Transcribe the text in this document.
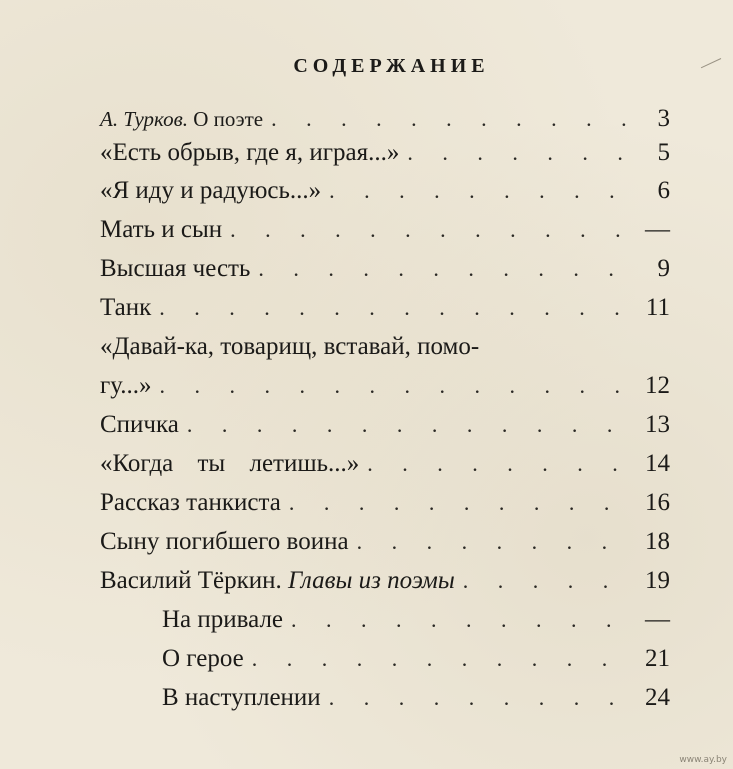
СОДЕРЖАНИЕ
А. Турков. О поэте . . .	3
«Есть обрыв, где я, играя...» . . .	5
«Я иду и радуюсь...» . . .	6
Мать и сын . . .	—
Высшая честь . . .	9
Танк . . .	11
«Давай-ка, товарищ, вставай, помо-
гу...» . . .	12
Спичка . . .	13
«Когда ты летишь...» . . .	14
Рассказ танкиста . . .	16
Сыну погибшего воина . . .	18
Василий Тёркин. Главы из поэмы . . .	19
На привале . . .	—
О герое . . .	21
В наступлении . . .	24
www.ay.by
